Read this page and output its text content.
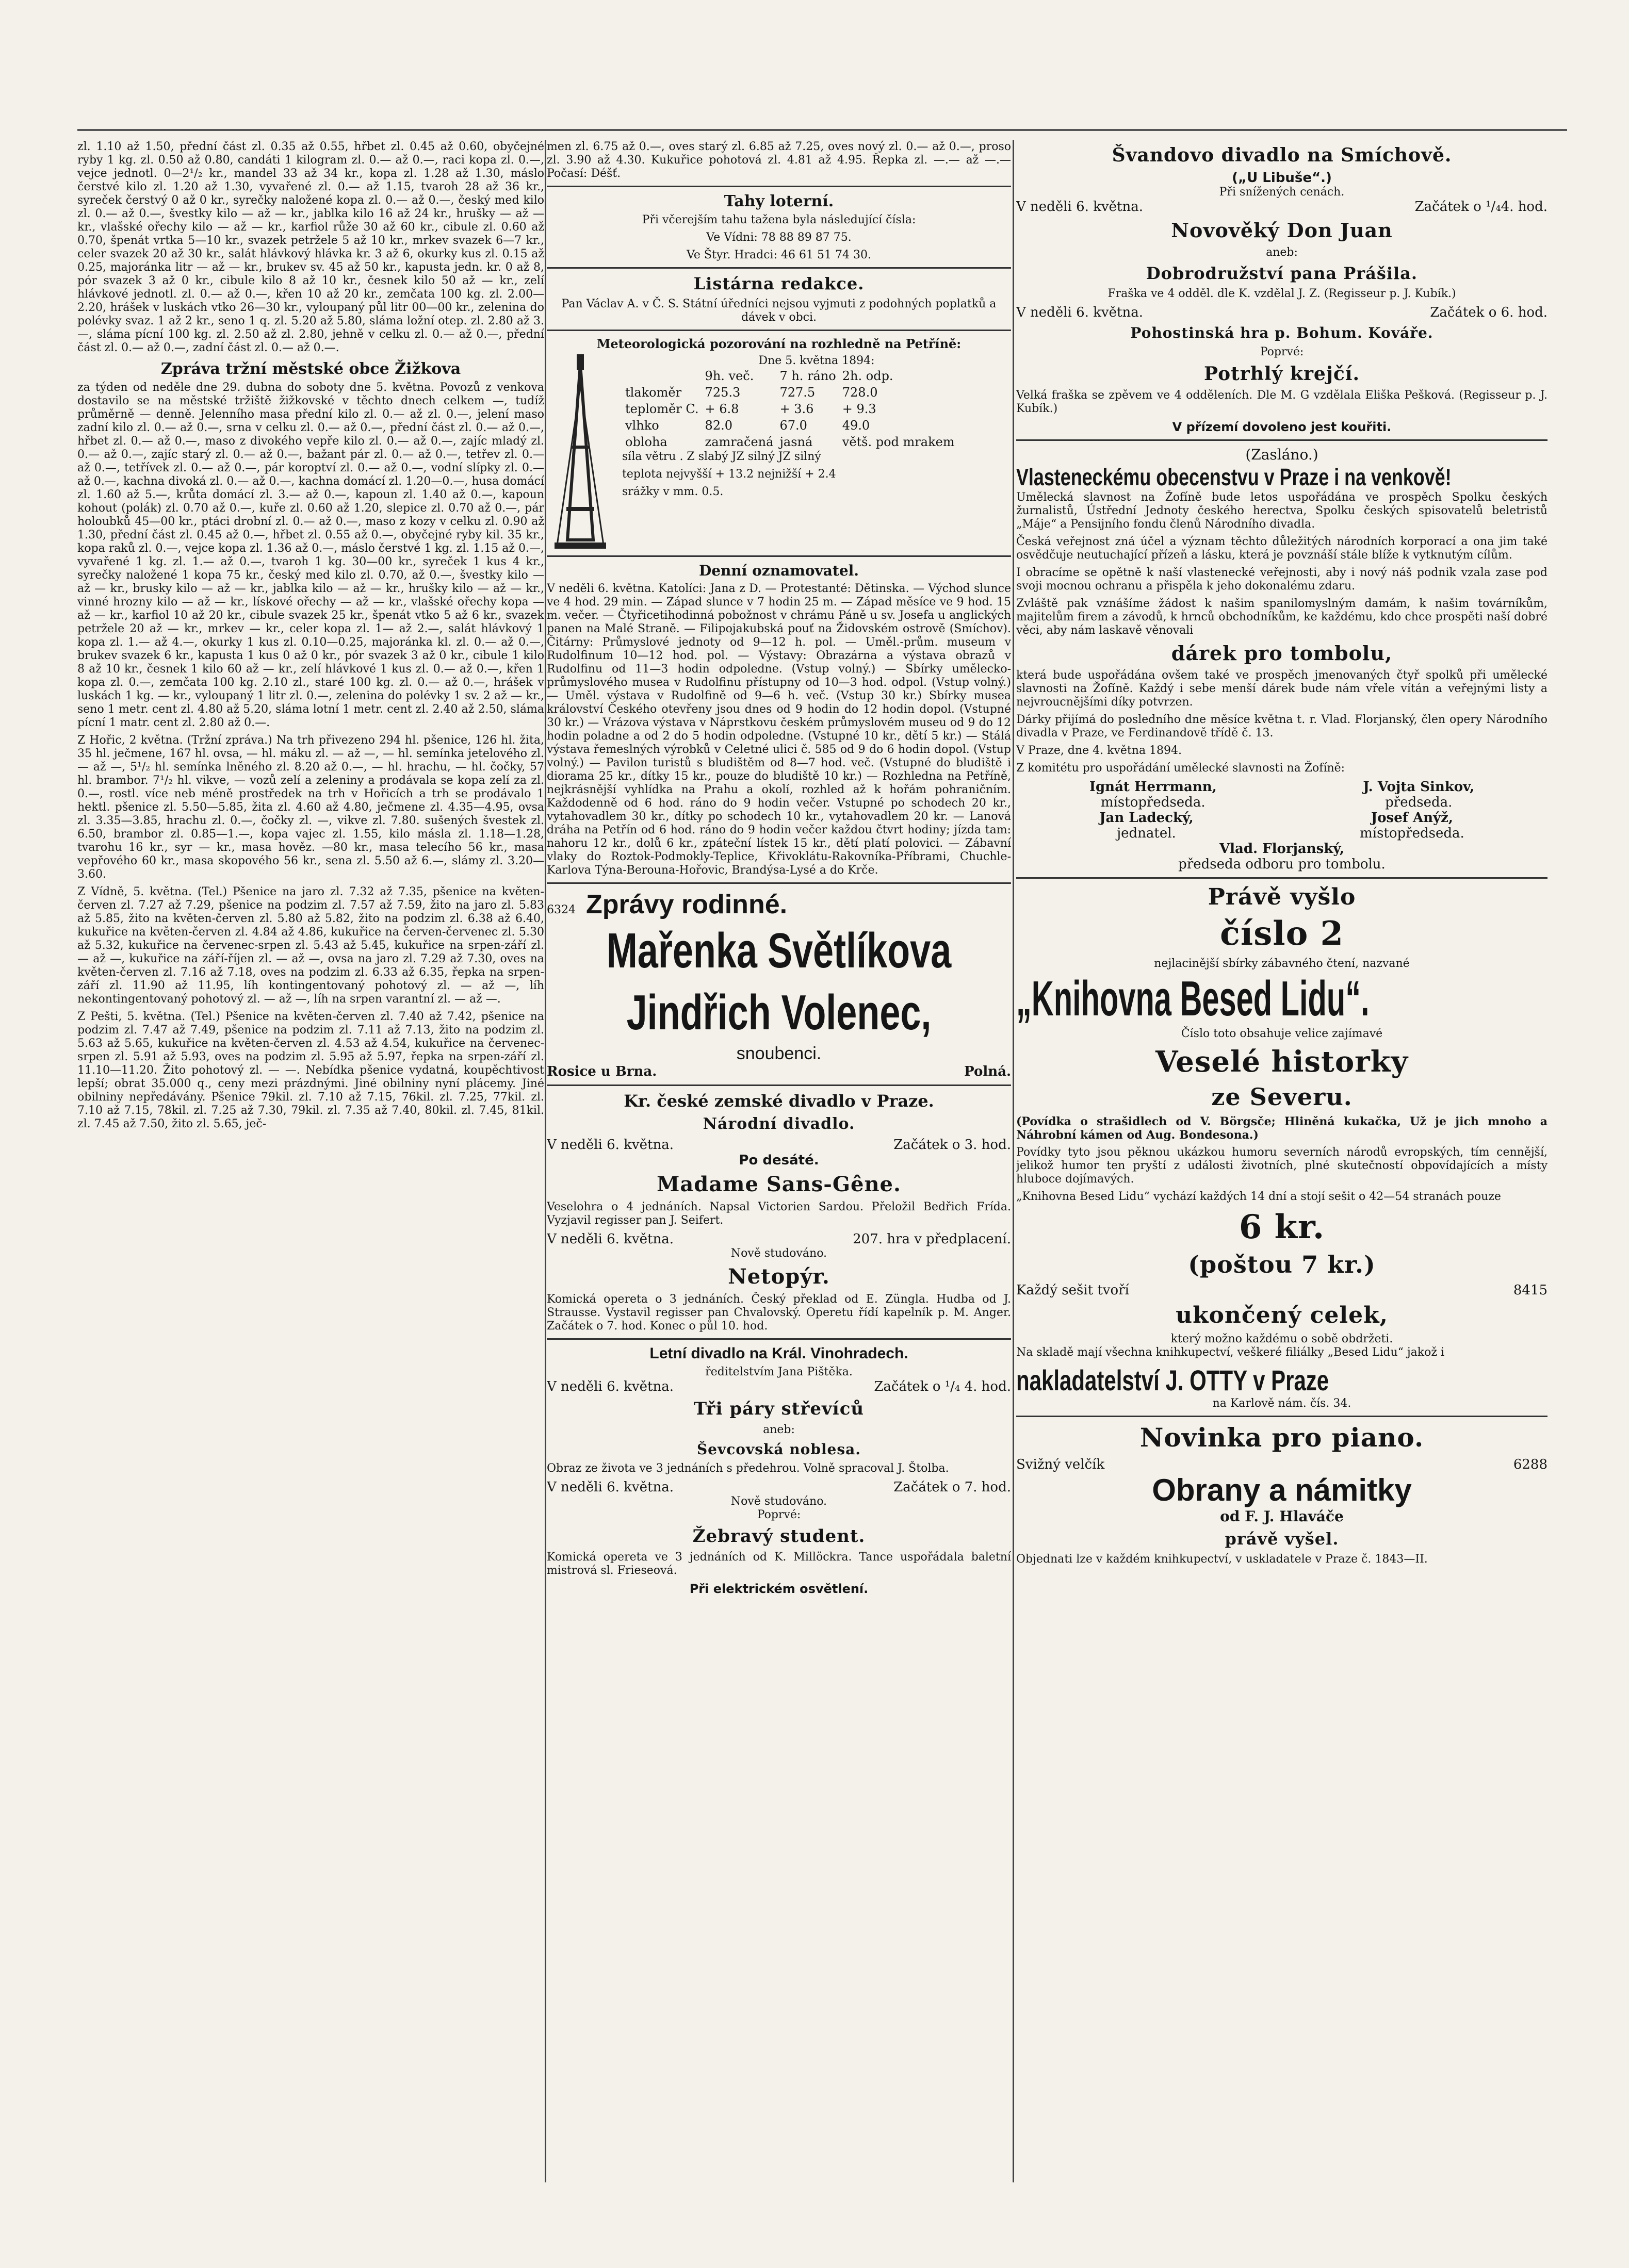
zl. 1.10 až 1.50, přední část zl. 0.35 až 0.55, hřbet zl. 0.45 až 0.60, obyčejné ryby 1 kg. zl. 0.50 až 0.80, candáti 1 kilogram zl. 0.— až 0.—, raci kopa zl. 0.—, vejce jednotl. 0—2¹/₂ kr., mandel 33 až 34 kr., kopa zl. 1.28 až 1.30, máslo čerstvé kilo zl. 1.20 až 1.30, vyvařené zl. 0.— až 1.15, tvaroh 28 až 36 kr., syreček čerstvý 0 až 0 kr., syrečky naložené kopa zl. 0.— až 0.—, český med kilo zl. 0.— až 0.—, švestky kilo — až — kr., jablka kilo 16 až 24 kr., hrušky — až — kr., vlašské ořechy kilo — až — kr., karfiol růže 30 až 60 kr., cibule zl. 0.60 až 0.70, špenát vrtka 5—10 kr., svazek petržele 5 až 10 kr., mrkev svazek 6—7 kr., celer svazek 20 až 30 kr., salát hlávkový hlávka kr. 3 až 6, okurky kus zl. 0.15 až 0.25, majoránka litr — až — kr., brukev sv. 45 až 50 kr., kapusta jedn. kr. 0 až 8, pór svazek 3 až 0 kr., cibule kilo 8 až 10 kr., česnek kilo 50 až — kr., zelí hlávkové jednotl. zl. 0.— až 0.—, křen 10 až 20 kr., zemčata 100 kg. zl. 2.00—2.20, hrášek v luskách vtko 26—30 kr., vyloupaný půl litr 00—00 kr., zelenina do polévky svaz. 1 až 2 kr., seno 1 q. zl. 5.20 až 5.80, sláma ložní otep. zl. 2.80 až 3.—, sláma pícní 100 kg. zl. 2.50 až zl. 2.80, jehně v celku zl. 0.— až 0.—, přední část zl. 0.— až 0.—, zadní část zl. 0.— až 0.—.

Zpráva tržní městské obce Žižkova

za týden od neděle dne 29. dubna do soboty dne 5. května. Povozů z venkova dostavilo se na městské tržiště žižkovské v těchto dnech celkem —, tudíž průměrně — denně. Jelenního masa přední kilo zl. 0.— až zl. 0.—, jelení maso zadní kilo zl. 0.— až 0.—, srna v celku zl. 0.— až 0.—, přední část zl. 0.— až 0.—, hřbet zl. 0.— až 0.—, maso z divokého vepře kilo zl. 0.— až 0.—, zajíc mladý zl. 0.— až 0.—, zajíc starý zl. 0.— až 0.—, bažant pár zl. 0.— až 0.—, tetřev zl. 0.— až 0.—, tetřívek zl. 0.— až 0.—, pár koroptví zl. 0.— až 0.—, vodní slípky zl. 0.— až 0.—, kachna divoká zl. 0.— až 0.—, kachna domácí zl. 1.20—0.—, husa domácí zl. 1.60 až 5.—, krůta domácí zl. 3.— až 0.—, kapoun zl. 1.40 až 0.—, kapoun kohout (polák) zl. 0.70 až 0.—, kuře zl. 0.60 až 1.20, slepice zl. 0.70 až 0.—, pár holoubků 45—00 kr., ptáci drobní zl. 0.— až 0.—, maso z kozy v celku zl. 0.90 až 1.30, přední část zl. 0.45 až 0.—, hřbet zl. 0.55 až 0.—, obyčejné ryby kil. 35 kr., kopa raků zl. 0.—, vejce kopa zl. 1.36 až 0.—, máslo čerstvé 1 kg. zl. 1.15 až 0.—, vyvařené 1 kg. zl. 1.— až 0.—, tvaroh 1 kg. 30—00 kr., syreček 1 kus 4 kr., syrečky naložené 1 kopa 75 kr., český med kilo zl. 0.70, až 0.—, švestky kilo — až — kr., brusky kilo — až — kr., jablka kilo — až — kr., hrušky kilo — až — kr., vinné hrozny kilo — až — kr., lískové ořechy — až — kr., vlašské ořechy kopa — až — kr., karfiol 10 až 20 kr., cibule svazek 25 kr., špenát vtko 5 až 6 kr., svazek petržele 20 až — kr., mrkev — kr., celer kopa zl. 1— až 2.—, salát hlávkový 1 kopa zl. 1.— až 4.—, okurky 1 kus zl. 0.10—0.25, majoránka kl. zl. 0.— až 0.—, brukev svazek 6 kr., kapusta 1 kus 0 až 0 kr., pór svazek 3 až 0 kr., cibule 1 kilo 8 až 10 kr., česnek 1 kilo 60 až — kr., zelí hlávkové 1 kus zl. 0.— až 0.—, křen 1 kopa zl. 0.—, zemčata 100 kg. 2.10 zl., staré 100 kg. zl. 0.— až 0.—, hrášek v luskách 1 kg. — kr., vyloupaný 1 litr zl. 0.—, zelenina do polévky 1 sv. 2 až — kr., seno 1 metr. cent zl. 4.80 až 5.20, sláma lotní 1 metr. cent zl. 2.40 až 2.50, sláma pícní 1 matr. cent zl. 2.80 až 0.—.

Z Hořic, 2 května. (Tržní zpráva.) Na trh přivezeno 294 hl. pšenice, 126 hl. žita, 35 hl. ječmene, 167 hl. ovsa, — hl. máku zl. — až —, — hl. semínka jetelového zl. — až —, 5¹/₂ hl. semínka lněného zl. 8.20 až 0.—, — hl. hrachu, — hl. čočky, 57 hl. brambor. 7¹/₂ hl. vikve, — vozů zelí a zeleniny a prodávala se kopa zelí za zl. 0.—, rostl. více neb méně prostředek na trh v Hořicích a trh se prodávalo 1 hektl. pšenice zl. 5.50—5.85, žita zl. 4.60 až 4.80, ječmene zl. 4.35—4.95, ovsa zl. 3.35—3.85, hrachu zl. 0.—, čočky zl. —, vikve zl. 7.80. sušených švestek zl. 6.50, brambor zl. 0.85—1.—, kopa vajec zl. 1.55, kilo másla zl. 1.18—1.28, tvarohu 16 kr., syr — kr., masa hověz. —80 kr., masa telecího 56 kr., masa vepřového 60 kr., masa skopového 56 kr., sena zl. 5.50 až 6.—, slámy zl. 3.20—3.60.

Z Vídně, 5. května. (Tel.) Pšenice na jaro zl. 7.32 až 7.35, pšenice na květen-červen zl. 7.27 až 7.29, pšenice na podzim zl. 7.57 až 7.59, žito na jaro zl. 5.83 až 5.85, žito na květen-červen zl. 5.80 až 5.82, žito na podzim zl. 6.38 až 6.40, kukuřice na květen-červen zl. 4.84 až 4.86, kukuřice na červen-červenec zl. 5.30 až 5.32, kukuřice na červenec-srpen zl. 5.43 až 5.45, kukuřice na srpen-září zl. — až —, kukuřice na září-říjen zl. — až —, ovsa na jaro zl. 7.29 až 7.30, oves na květen-červen zl. 7.16 až 7.18, oves na podzim zl. 6.33 až 6.35, řepka na srpen-září zl. 11.90 až 11.95, líh kontingentovaný pohotový zl. — až —, líh nekontingentovaný pohotový zl. — až —, líh na srpen varantní zl. — až —.

Z Pešti, 5. května. (Tel.) Pšenice na květen-červen zl. 7.40 až 7.42, pšenice na podzim zl. 7.47 až 7.49, pšenice na podzim zl. 7.11 až 7.13, žito na podzim zl. 5.63 až 5.65, kukuřice na květen-červen zl. 4.53 až 4.54, kukuřice na červenec-srpen zl. 5.91 až 5.93, oves na podzim zl. 5.95 až 5.97, řepka na srpen-září zl. 11.10—11.20. Žito pohotový zl. — —. Nebídka pšenice vydatná, koupěchtivost lepší; obrat 35.000 q., ceny mezi prázdnými. Jiné obilniny nyní plácemy. Jiné obilniny nepředávány. Pšenice 79kil. zl. 7.10 až 7.15, 76kil. zl. 7.25, 77kil. zl. 7.10 až 7.15, 78kil. zl. 7.25 až 7.30, 79kil. zl. 7.35 až 7.40, 80kil. zl. 7.45, 81kil. zl. 7.45 až 7.50, žito zl. 5.65, ječ-

men zl. 6.75 až 0.—, oves starý zl. 6.85 až 7.25, oves nový zl. 0.— až 0.—, proso zl. 3.90 až 4.30. Kukuřice pohotová zl. 4.81 až 4.95. Řepka zl. —.— až —.— Počasí: Déšť.

Tahy loterní.

Při včerejším tahu tažena byla následující čísla:

Ve Vídni: 78 88 89 87 75.

Ve Štyr. Hradci: 46 61 51 74 30.

Listárna redakce.

Pan Václav A. v Č. S. Státní úředníci nejsou vyjmuti z podohných poplatků a dávek v obci.

Meteorologická pozorování na rozhledně na Petříně:
Dne 5. května 1894:
	9h. več.	7 h. ráno	2h. odp.
tlakoměr	725.3	727.5	728.0
teploměr C.	+ 6.8	+ 3.6	+ 9.3
vlhko	82.0	67.0	49.0
obloha	zamračená	jasná	větš. pod mrakem

síla větru . Z slabý JZ silný JZ silný

teplota nejvyšší + 13.2 nejnižší + 2.4

srážky v mm. 0.5.

Denní oznamovatel.

V neděli 6. května. Katolíci: Jana z D. — Protestanté: Dětinska. — Východ slunce ve 4 hod. 29 min. — Západ slunce v 7 hodin 25 m. — Západ měsíce ve 9 hod. 15 m. večer. — Čtyřicetihodinná pobožnost v chrámu Páně u sv. Josefa u anglických panen na Malé Straně. — Filipojakubská pouť na Židovském ostrově (Smíchov). Čitárny: Průmyslové jednoty od 9—12 h. pol. — Uměl.-prům. museum v Rudolfinum 10—12 hod. pol. — Výstavy: Obrazárna a výstava obrazů v Rudolfinu od 11—3 hodin odpoledne. (Vstup volný.) — Sbírky umělecko-průmyslového musea v Rudolfinu přístupny od 10—3 hod. odpol. (Vstup volný.) — Uměl. výstava v Rudolfině od 9—6 h. več. (Vstup 30 kr.) Sbírky musea království Českého otevřeny jsou dnes od 9 hodin do 12 hodin dopol. (Vstupné 30 kr.) — Vrázova výstava v Náprstkovu českém průmyslovém museu od 9 do 12 hodin poladne a od 2 do 5 hodin odpoledne. (Vstupné 10 kr., dětí 5 kr.) — Stálá výstava řemeslných výrobků v Celetné ulici č. 585 od 9 do 6 hodin dopol. (Vstup volný.) — Pavilon turistů s bludištěm od 8—7 hod. več. (Vstupné do bludiště i diorama 25 kr., dítky 15 kr., pouze do bludiště 10 kr.) — Rozhledna na Petříně, nejkrásnější vyhlídka na Prahu a okolí, rozhled až k hořám pohraničním. Každodenně od 6 hod. ráno do 9 hodin večer. Vstupné po schodech 20 kr., vytahovadlem 30 kr., dítky po schodech 10 kr., vytahovadlem 20 kr. — Lanová dráha na Petřín od 6 hod. ráno do 9 hodin večer každou čtvrt hodiny; jízda tam: nahoru 12 kr., dolů 6 kr., zpáteční lístek 15 kr., dětí platí polovici. — Zábavní vlaky do Roztok-Podmokly-Teplice, Křivoklátu-Rakovníka-Příbrami, Chuchle-Karlova Týna-Berouna-Hořovic, Brandýsa-Lysé a do Krče.

6324 Zprávy rodinné.
Mařenka Světlíkova
Jindřich Volenec,
snoubenci.
Rosice u Brna.	Polná.
Kr. české zemské divadlo v Praze.
Národní divadlo.
V neděli 6. května.	Začátek o 3. hod.
Po desáté.
Madame Sans-Gêne.

Veselohra o 4 jednáních. Napsal Victorien Sardou. Přeložil Bedřich Frída. Vyzjavil regisser pan J. Seifert.

V neděli 6. května.	207. hra v předplacení.
Nově studováno.
Netopýr.

Komická opereta o 3 jednáních. Český překlad od E. Züngla. Hudba od J. Strausse. Vystavil regisser pan Chvalovský. Operetu řídí kapelník p. M. Anger. Začátek o 7. hod. Konec o půl 10. hod.

Letní divadlo na Král. Vinohradech.
ředitelstvím Jana Pištěka.
V neděli 6. května.	Začátek o ¹/₄ 4. hod.
Tři páry střevíců
aneb:
Ševcovská noblesa.

Obraz ze života ve 3 jednáních s předehrou. Volně spracoval J. Štolba.

V neděli 6. května.	Začátek o 7. hod.
Nově studováno.
Poprvé:
Žebravý student.

Komická opereta ve 3 jednáních od K. Millöckra. Tance uspořádala baletní mistrová sl. Frieseová.

Při elektrickém osvětlení.
Švandovo divadlo na Smíchově.
(„U Libuše“.)
Při snížených cenách.
V neděli 6. května.	Začátek o ¹/₄4. hod.
Novověký Don Juan
aneb:
Dobrodružství pana Prášila.

Fraška ve 4 odděl. dle K. vzdělal J. Z. (Regisseur p. J. Kubík.)

V neděli 6. května.	Začátek o 6. hod.
Pohostinská hra p. Bohum. Kováře.
Poprvé:
Potrhlý krejčí.

Velká fraška se zpěvem ve 4 odděleních. Dle M. G vzdělala Eliška Pešková. (Regisseur p. J. Kubík.)

V přízemí dovoleno jest kouřiti.
(Zasláno.)
Vlasteneckému obecenstvu v Praze i na venkově!

Umělecká slavnost na Žofíně bude letos uspořádána ve prospěch Spolku českých žurnalistů, Ústřední Jednoty českého herectva, Spolku českých spisovatelů beletristů „Máje“ a Pensijního fondu členů Národního divadla.

Česká veřejnost zná účel a význam těchto důležitých národních korporací a ona jim také osvědčuje neutuchající přízeň a lásku, která je povznáší stále blíže k vytknutým cílům.

I obracíme se opětně k naší vlastenecké veřejnosti, aby i nový náš podnik vzala zase pod svoji mocnou ochranu a přispěla k jeho dokonalému zdaru.

Zvláště pak vznášíme žádost k našim spanilomyslným damám, k našim továrníkům, majitelům firem a závodů, k hrnců obchodníkům, ke každému, kdo chce prospěti naší dobré věci, aby nám laskavě věnovali

dárek pro tombolu,

která bude uspořádána ovšem také ve prospěch jmenovaných čtyř spolků při umělecké slavnosti na Žofíně. Každý i sebe menší dárek bude nám vřele vítán a veřejnými listy a nejvroucnějšími díky potvrzen.

Dárky přijímá do posledního dne měsíce května t. r. Vlad. Florjanský, člen opery Národního divadla v Praze, ve Ferdinandově třídě č. 13.

V Praze, dne 4. května 1894.

Z komitétu pro uspořádání umělecké slavnosti na Žofíně:

Ignát Herrmann,
místopředseda.
J. Vojta Sinkov,
předseda.
Jan Ladecký,
jednatel.
Josef Anýž,
místopředseda.
Vlad. Florjanský,
předseda odboru pro tombolu.
Právě vyšlo
číslo 2
nejlacinější sbírky zábavného čtení, nazvané
„Knihovna Besed Lidu“.
Číslo toto obsahuje velice zajímavé
Veselé historky
ze Severu.

(Povídka o strašidlech od V. Börgsče; Hliněná kukačka, Už je jich mnoho a Náhrobní kámen od Aug. Bondesona.)

Povídky tyto jsou pěknou ukázkou humoru severních národů evropských, tím cennější, jelikož humor ten pryští z události životních, plné skutečností obpovídajících a místy hluboce dojímavých.

„Knihovna Besed Lidu“ vychází každých 14 dní a stojí sešit o 42—54 stranách pouze

6 kr.
(poštou 7 kr.)
Každý sešit tvoří	8415
ukončený celek,
který možno každému o sobě obdržeti.

Na skladě mají všechna knihkupectví, veškeré filiálky „Besed Lidu“ jakož i

nakladatelství J. OTTY v Praze
na Karlově nám. čís. 34.
Novinka pro piano.
Svižný velčík	6288
Obrany a námitky
od F. J. Hlaváče
právě vyšel.

Objednati lze v každém knihkupectví, v uskladatele v Praze č. 1843—II.
